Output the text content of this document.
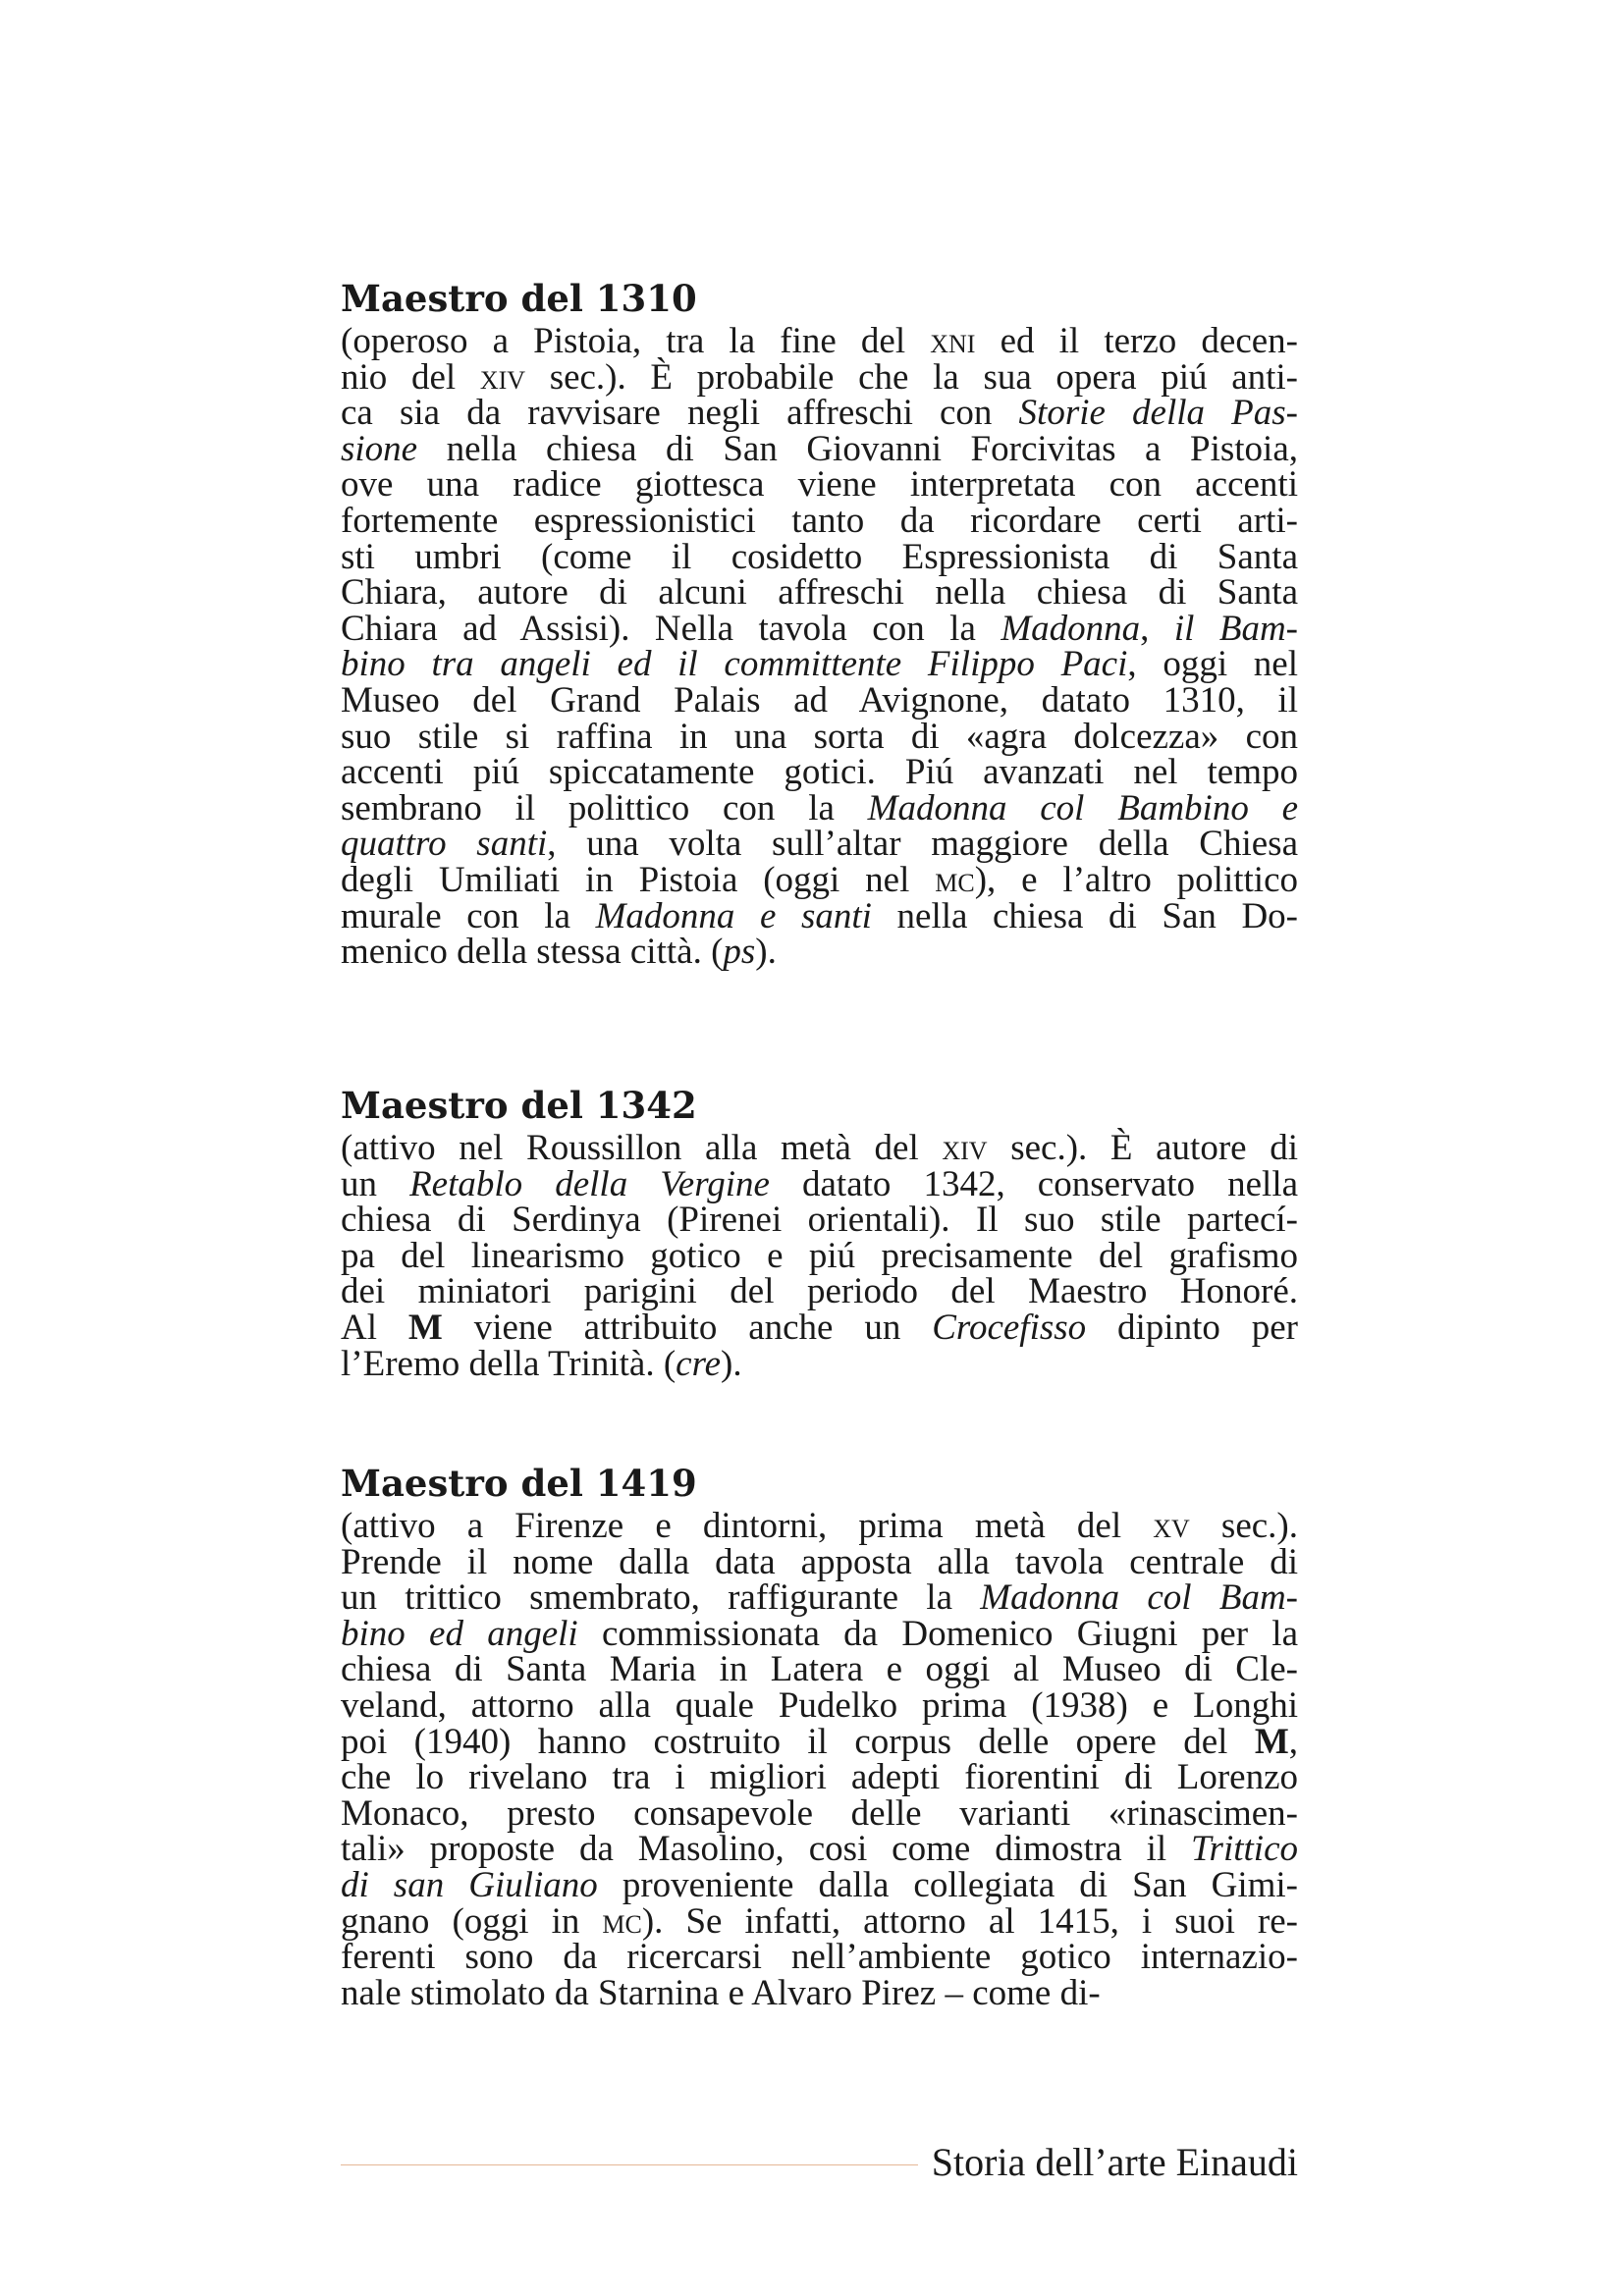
Maestro del 1310
(operoso a Pistoia, tra la fine del xni ed il terzo decen-
nio del xiv sec.). È probabile che la sua opera piú anti-
ca sia da ravvisare negli affreschi con Storie della Pas-
sione nella chiesa di San Giovanni Forcivitas a Pistoia,
ove una radice giottesca viene interpretata con accenti
fortemente espressionistici tanto da ricordare certi arti-
sti umbri (come il cosidetto Espressionista di Santa
Chiara, autore di alcuni affreschi nella chiesa di Santa
Chiara ad Assisi). Nella tavola con la Madonna, il Bam-
bino tra angeli ed il committente Filippo Paci, oggi nel
Museo del Grand Palais ad Avignone, datato 1310, il
suo stile si raffina in una sorta di «agra dolcezza» con
accenti piú spiccatamente gotici. Piú avanzati nel tempo
sembrano il polittico con la Madonna col Bambino e
quattro santi, una volta sull’altar maggiore della Chiesa
degli Umiliati in Pistoia (oggi nel mc), e l’altro polittico
murale con la Madonna e santi nella chiesa di San Do-
menico della stessa città. (ps).
Maestro del 1342
(attivo nel Roussillon alla metà del xiv sec.). È autore di
un Retablo della Vergine datato 1342, conservato nella
chiesa di Serdinya (Pirenei orientali). Il suo stile partecí-
pa del linearismo gotico e piú precisamente del grafismo
dei miniatori parigini del periodo del Maestro Honoré.
Al M viene attribuito anche un Crocefisso dipinto per
l’Eremo della Trinità. (cre).
Maestro del 1419
(attivo a Firenze e dintorni, prima metà del xv sec.).
Prende il nome dalla data apposta alla tavola centrale di
un trittico smembrato, raffigurante la Madonna col Bam-
bino ed angeli commissionata da Domenico Giugni per la
chiesa di Santa Maria in Latera e oggi al Museo di Cle-
veland, attorno alla quale Pudelko prima (1938) e Longhi
poi (1940) hanno costruito il corpus delle opere del M,
che lo rivelano tra i migliori adepti fiorentini di Lorenzo
Monaco, presto consapevole delle varianti «rinascimen-
tali» proposte da Masolino, cosi come dimostra il Trittico
di san Giuliano proveniente dalla collegiata di San Gimi-
gnano (oggi in mc). Se infatti, attorno al 1415, i suoi re-
ferenti sono da ricercarsi nell’ambiente gotico internazio-
nale stimolato da Starnina e Alvaro Pirez – come di-
Storia dell’arte Einaudi
